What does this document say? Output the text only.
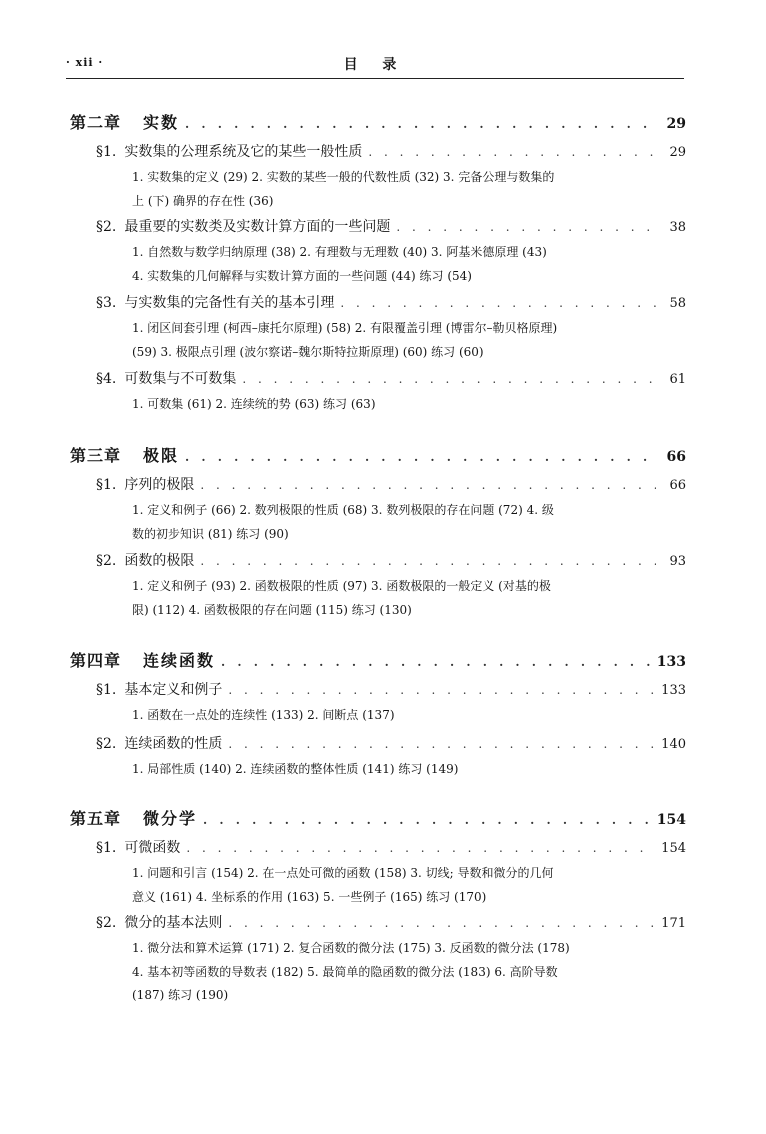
· xii ·	目 录
第二章 实数 . . .	29
§1. 实数集的公理系统及它的某些一般性质 . . .	29
1. 实数集的定义 (29) 2. 实数的某些一般的代数性质 (32) 3. 完备公理与数集的
上 (下) 确界的存在性 (36)
§2. 最重要的实数类及实数计算方面的一些问题 . . .	38
1. 自然数与数学归纳原理 (38) 2. 有理数与无理数 (40) 3. 阿基米德原理 (43)
4. 实数集的几何解释与实数计算方面的一些问题 (44) 练习 (54)
§3. 与实数集的完备性有关的基本引理 . . .	58
1. 闭区间套引理 (柯西–康托尔原理) (58) 2. 有限覆盖引理 (博雷尔–勒贝格原理)
(59) 3. 极限点引理 (波尔察诺–魏尔斯特拉斯原理) (60) 练习 (60)
§4. 可数集与不可数集 . . .	61
1. 可数集 (61) 2. 连续统的势 (63) 练习 (63)
第三章 极限 . . .	66
§1. 序列的极限 . . .	66
1. 定义和例子 (66) 2. 数列极限的性质 (68) 3. 数列极限的存在问题 (72) 4. 级
数的初步知识 (81) 练习 (90)
§2. 函数的极限 . . .	93
1. 定义和例子 (93) 2. 函数极限的性质 (97) 3. 函数极限的一般定义 (对基的极
限) (112) 4. 函数极限的存在问题 (115) 练习 (130)
第四章 连续函数 . . .	133
§1. 基本定义和例子 . . .	133
1. 函数在一点处的连续性 (133) 2. 间断点 (137)
§2. 连续函数的性质 . . .	140
1. 局部性质 (140) 2. 连续函数的整体性质 (141) 练习 (149)
第五章 微分学 . . .	154
§1. 可微函数 . . .	154
1. 问题和引言 (154) 2. 在一点处可微的函数 (158) 3. 切线; 导数和微分的几何
意义 (161) 4. 坐标系的作用 (163) 5. 一些例子 (165) 练习 (170)
§2. 微分的基本法则 . . .	171
1. 微分法和算术运算 (171) 2. 复合函数的微分法 (175) 3. 反函数的微分法 (178)
4. 基本初等函数的导数表 (182) 5. 最简单的隐函数的微分法 (183) 6. 高阶导数
(187) 练习 (190)
